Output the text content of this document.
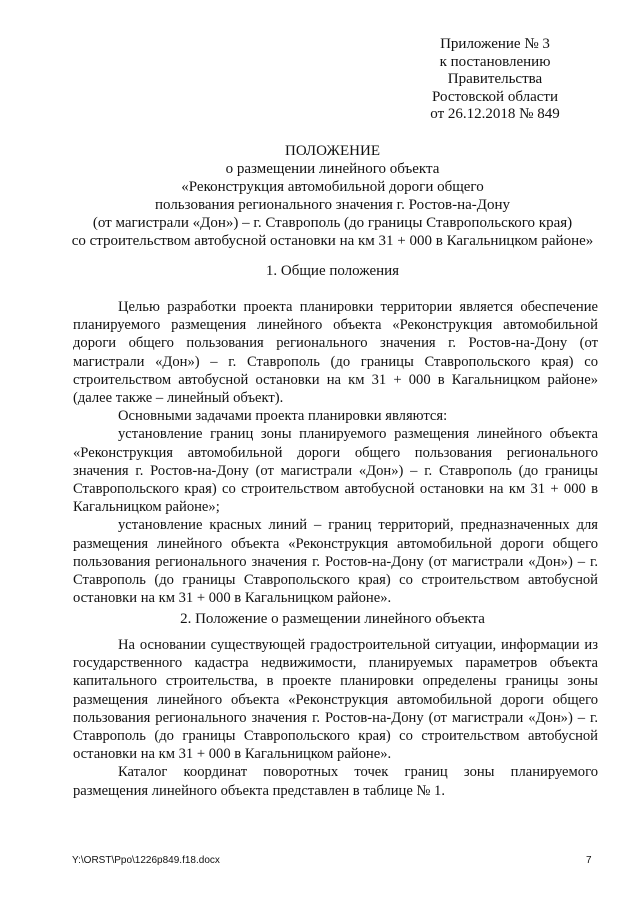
Приложение № 3
к постановлению
Правительства
Ростовской области
от 26.12.2018 № 849
ПОЛОЖЕНИЕ
о размещении линейного объекта
«Реконструкция автомобильной дороги общего
пользования регионального значения г. Ростов-на-Дону
(от магистрали «Дон») – г. Ставрополь (до границы Ставропольского края)
со строительством автобусной остановки на км 31 + 000 в Кагальницком районе»
1. Общие положения

Целью разработки проекта планировки территории является обеспечение планируемого размещения линейного объекта «Реконструкция автомобильной дороги общего пользования регионального значения г. Ростов-на-Дону (от магистрали «Дон») – г. Ставрополь (до границы Ставропольского края) со строительством автобусной остановки на км 31 + 000 в Кагальницком районе» (далее также – линейный объект).

Основными задачами проекта планировки являются:

установление границ зоны планируемого размещения линейного объекта «Реконструкция автомобильной дороги общего пользования регионального значения г. Ростов-на-Дону (от магистрали «Дон») – г. Ставрополь (до границы Ставропольского края) со строительством автобусной остановки на км 31 + 000 в Кагальницком районе»;

установление красных линий – границ территорий, предназначенных для размещения линейного объекта «Реконструкция автомобильной дороги общего пользования регионального значения г. Ростов-на-Дону (от магистрали «Дон») – г. Ставрополь (до границы Ставропольского края) со строительством автобусной остановки на км 31 + 000 в Кагальницком районе».

2. Положение о размещении линейного объекта

На основании существующей градостроительной ситуации, информации из государственного кадастра недвижимости, планируемых параметров объекта капитального строительства, в проекте планировки определены границы зоны размещения линейного объекта «Реконструкция автомобильной дороги общего пользования регионального значения г. Ростов-на-Дону (от магистрали «Дон») – г. Ставрополь (до границы Ставропольского края) со строительством автобусной остановки на км 31 + 000 в Кагальницком районе».

Каталог координат поворотных точек границ зоны планируемого размещения линейного объекта представлен в таблице № 1.

Y:\ORST\Ppo\1226p849.f18.docx	7
